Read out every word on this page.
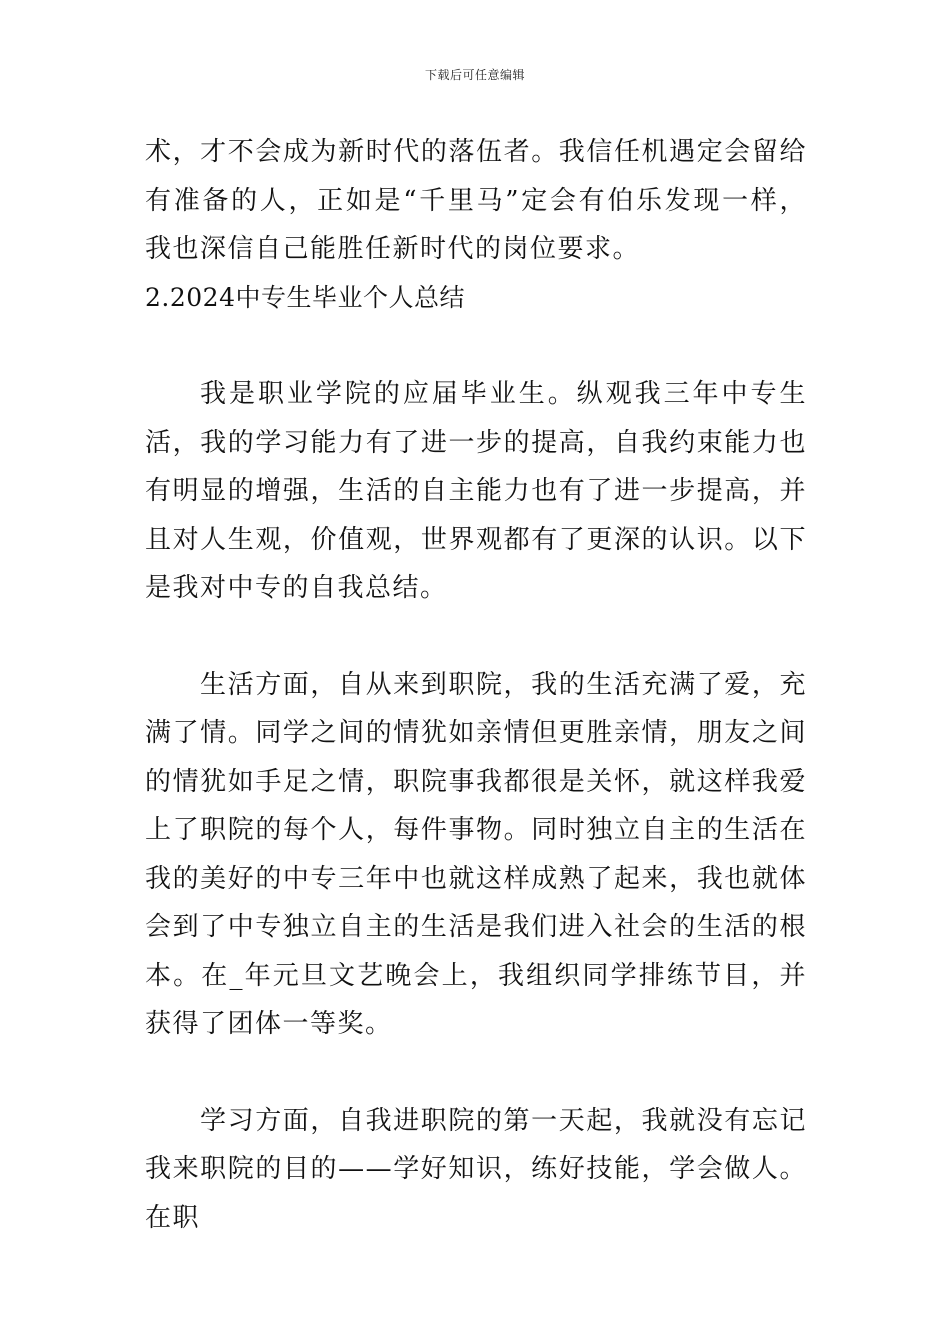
下载后可任意编辑

术，才不会成为新时代的落伍者。我信任机遇定会留给有准备的人，正如是“千里马”定会有伯乐发现一样，我也深信自己能胜任新时代的岗位要求。

2.2024中专生毕业个人总结

我是职业学院的应届毕业生。纵观我三年中专生活，我的学习能力有了进一步的提高，自我约束能力也有明显的增强，生活的自主能力也有了进一步提高，并且对人生观，价值观，世界观都有了更深的认识。以下是我对中专的自我总结。

生活方面，自从来到职院，我的生活充满了爱，充满了情。同学之间的情犹如亲情但更胜亲情，朋友之间的情犹如手足之情，职院事我都很是关怀，就这样我爱上了职院的每个人，每件事物。同时独立自主的生活在我的美好的中专三年中也就这样成熟了起来，我也就体会到了中专独立自主的生活是我们进入社会的生活的根本。在_年元旦文艺晚会上，我组织同学排练节目，并获得了团体一等奖。

学习方面，自我进职院的第一天起，我就没有忘记我来职院的目的——学好知识，练好技能，学会做人。在职
